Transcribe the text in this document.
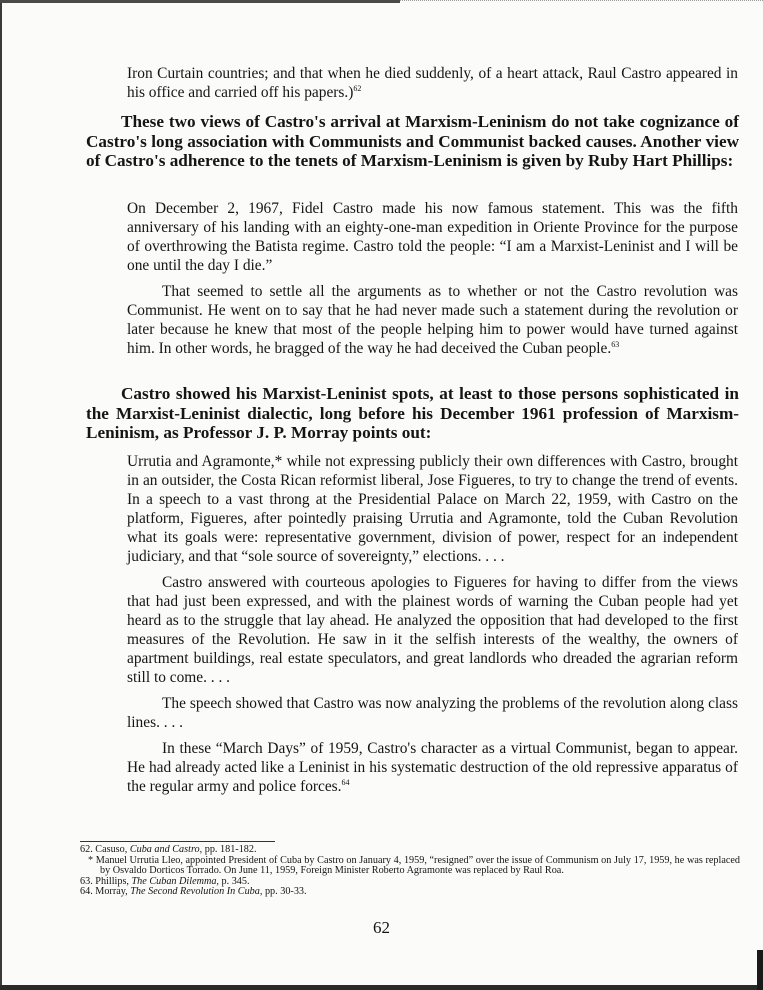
Iron Curtain countries; and that when he died suddenly, of a heart attack, Raul Castro appeared in his office and carried off his papers.)$^{62}$

These two views of Castro's arrival at Marxism-Leninism do not take cognizance of Castro's long association with Communists and Communist backed causes. Another view of Castro's adherence to the tenets of Marxism-Leninism is given by Ruby Hart Phillips:

On December 2, 1967, Fidel Castro made his now famous statement. This was the fifth anniversary of his landing with an eighty-one-man expedition in Oriente Province for the purpose of overthrowing the Batista regime. Castro told the people: “I am a Marxist-Leninist and I will be one until the day I die.”

That seemed to settle all the arguments as to whether or not the Castro revolution was Communist. He went on to say that he had never made such a statement during the revolution or later because he knew that most of the people helping him to power would have turned against him. In other words, he bragged of the way he had deceived the Cuban people.$^{63}$

Castro showed his Marxist-Leninist spots, at least to those persons sophisticated in the Marxist-Leninist dialectic, long before his December 1961 profession of Marxism-Leninism, as Professor J. P. Morray points out:

Urrutia and Agramonte,* while not expressing publicly their own differences with Castro, brought in an outsider, the Costa Rican reformist liberal, Jose Figueres, to try to change the trend of events. In a speech to a vast throng at the Presidential Palace on March 22, 1959, with Castro on the platform, Figueres, after pointedly praising Urrutia and Agramonte, told the Cuban Revolution what its goals were: representative government, division of power, respect for an independent judiciary, and that “sole source of sovereignty,” elections. . . .

Castro answered with courteous apologies to Figueres for having to differ from the views that had just been expressed, and with the plainest words of warning the Cuban people had yet heard as to the struggle that lay ahead. He analyzed the opposition that had developed to the first measures of the Revolution. He saw in it the selfish interests of the wealthy, the owners of apartment buildings, real estate speculators, and great landlords who dreaded the agrarian reform still to come. . . .

The speech showed that Castro was now analyzing the problems of the revolution along class lines. . . .

In these “March Days” of 1959, Castro's character as a virtual Communist, began to appear. He had already acted like a Leninist in his systematic destruction of the old repressive apparatus of the regular army and police forces.$^{64}$

62. Casuso, Cuba and Castro, pp. 181-182.

* Manuel Urrutia Lleo, appointed President of Cuba by Castro on January 4, 1959, “resigned” over the issue of Communism on July 17, 1959, he was replaced by Osvaldo Dorticos Torrado. On June 11, 1959, Foreign Minister Roberto Agramonte was replaced by Raul Roa.

63. Phillips, The Cuban Dilemma, p. 345.

64. Morray, The Second Revolution In Cuba, pp. 30-33.

62
